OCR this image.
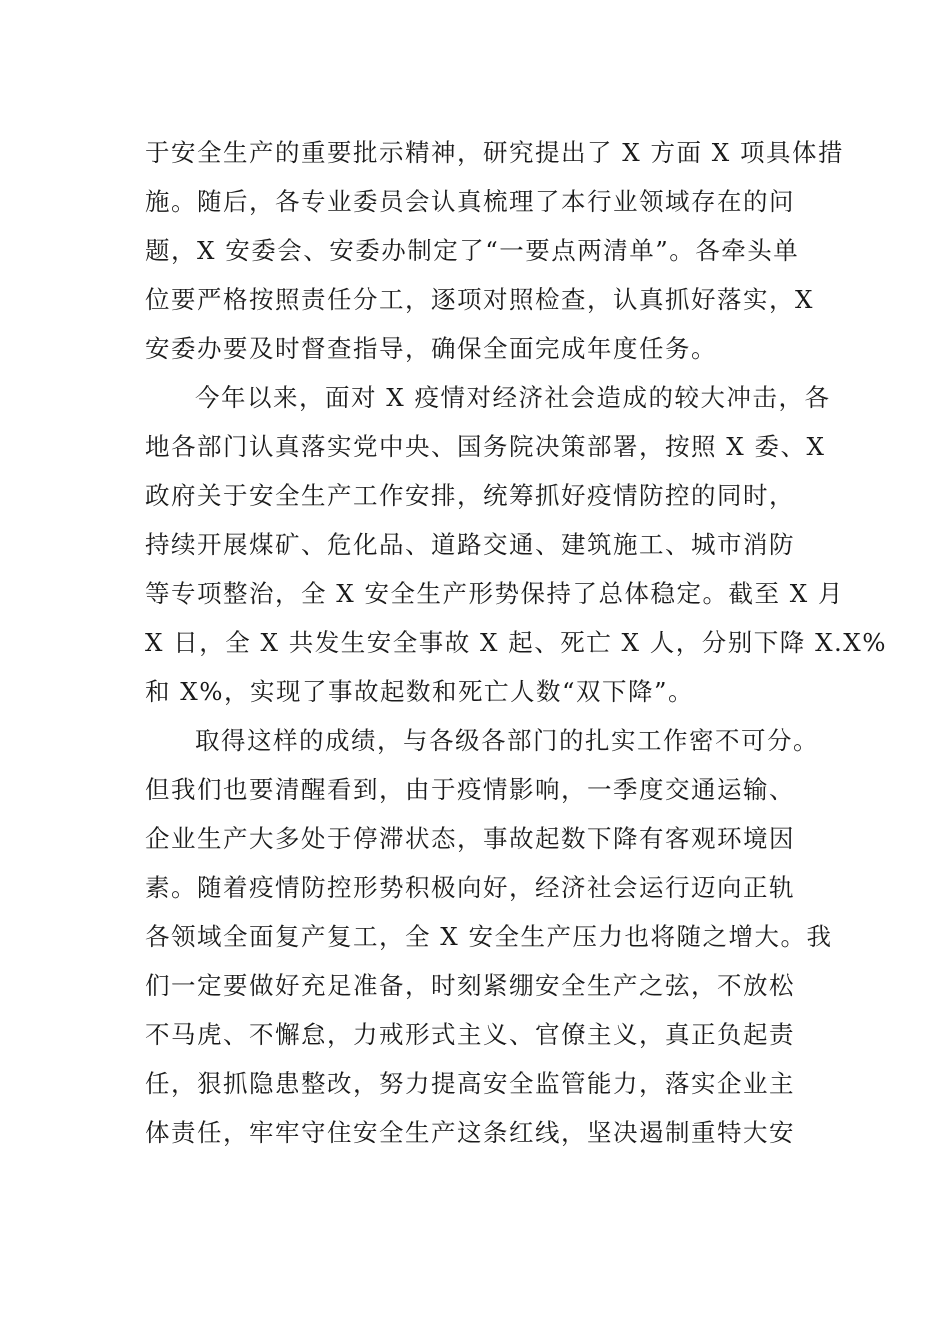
于安全生产的重要批示精神，研究提出了 X 方面 X 项具体措
施。随后，各专业委员会认真梳理了本行业领域存在的问
题，X 安委会、安委办制定了“一要点两清单”。各牵头单
位要严格按照责任分工，逐项对照检查，认真抓好落实，X
安委办要及时督查指导，确保全面完成年度任务。
今年以来，面对 X 疫情对经济社会造成的较大冲击，各
地各部门认真落实党中央、国务院决策部署，按照 X 委、X
政府关于安全生产工作安排，统筹抓好疫情防控的同时，
持续开展煤矿、危化品、道路交通、建筑施工、城市消防
等专项整治，全 X 安全生产形势保持了总体稳定。截至 X 月
X 日，全 X 共发生安全事故 X 起、死亡 X 人，分别下降 X.X%
和 X%，实现了事故起数和死亡人数“双下降”。
取得这样的成绩，与各级各部门的扎实工作密不可分。
但我们也要清醒看到，由于疫情影响，一季度交通运输、
企业生产大多处于停滞状态，事故起数下降有客观环境因
素。随着疫情防控形势积极向好，经济社会运行迈向正轨
各领域全面复产复工，全 X 安全生产压力也将随之增大。我
们一定要做好充足准备，时刻紧绷安全生产之弦，不放松
不马虎、不懈怠，力戒形式主义、官僚主义，真正负起责
任，狠抓隐患整改，努力提高安全监管能力，落实企业主
体责任，牢牢守住安全生产这条红线，坚决遏制重特大安
